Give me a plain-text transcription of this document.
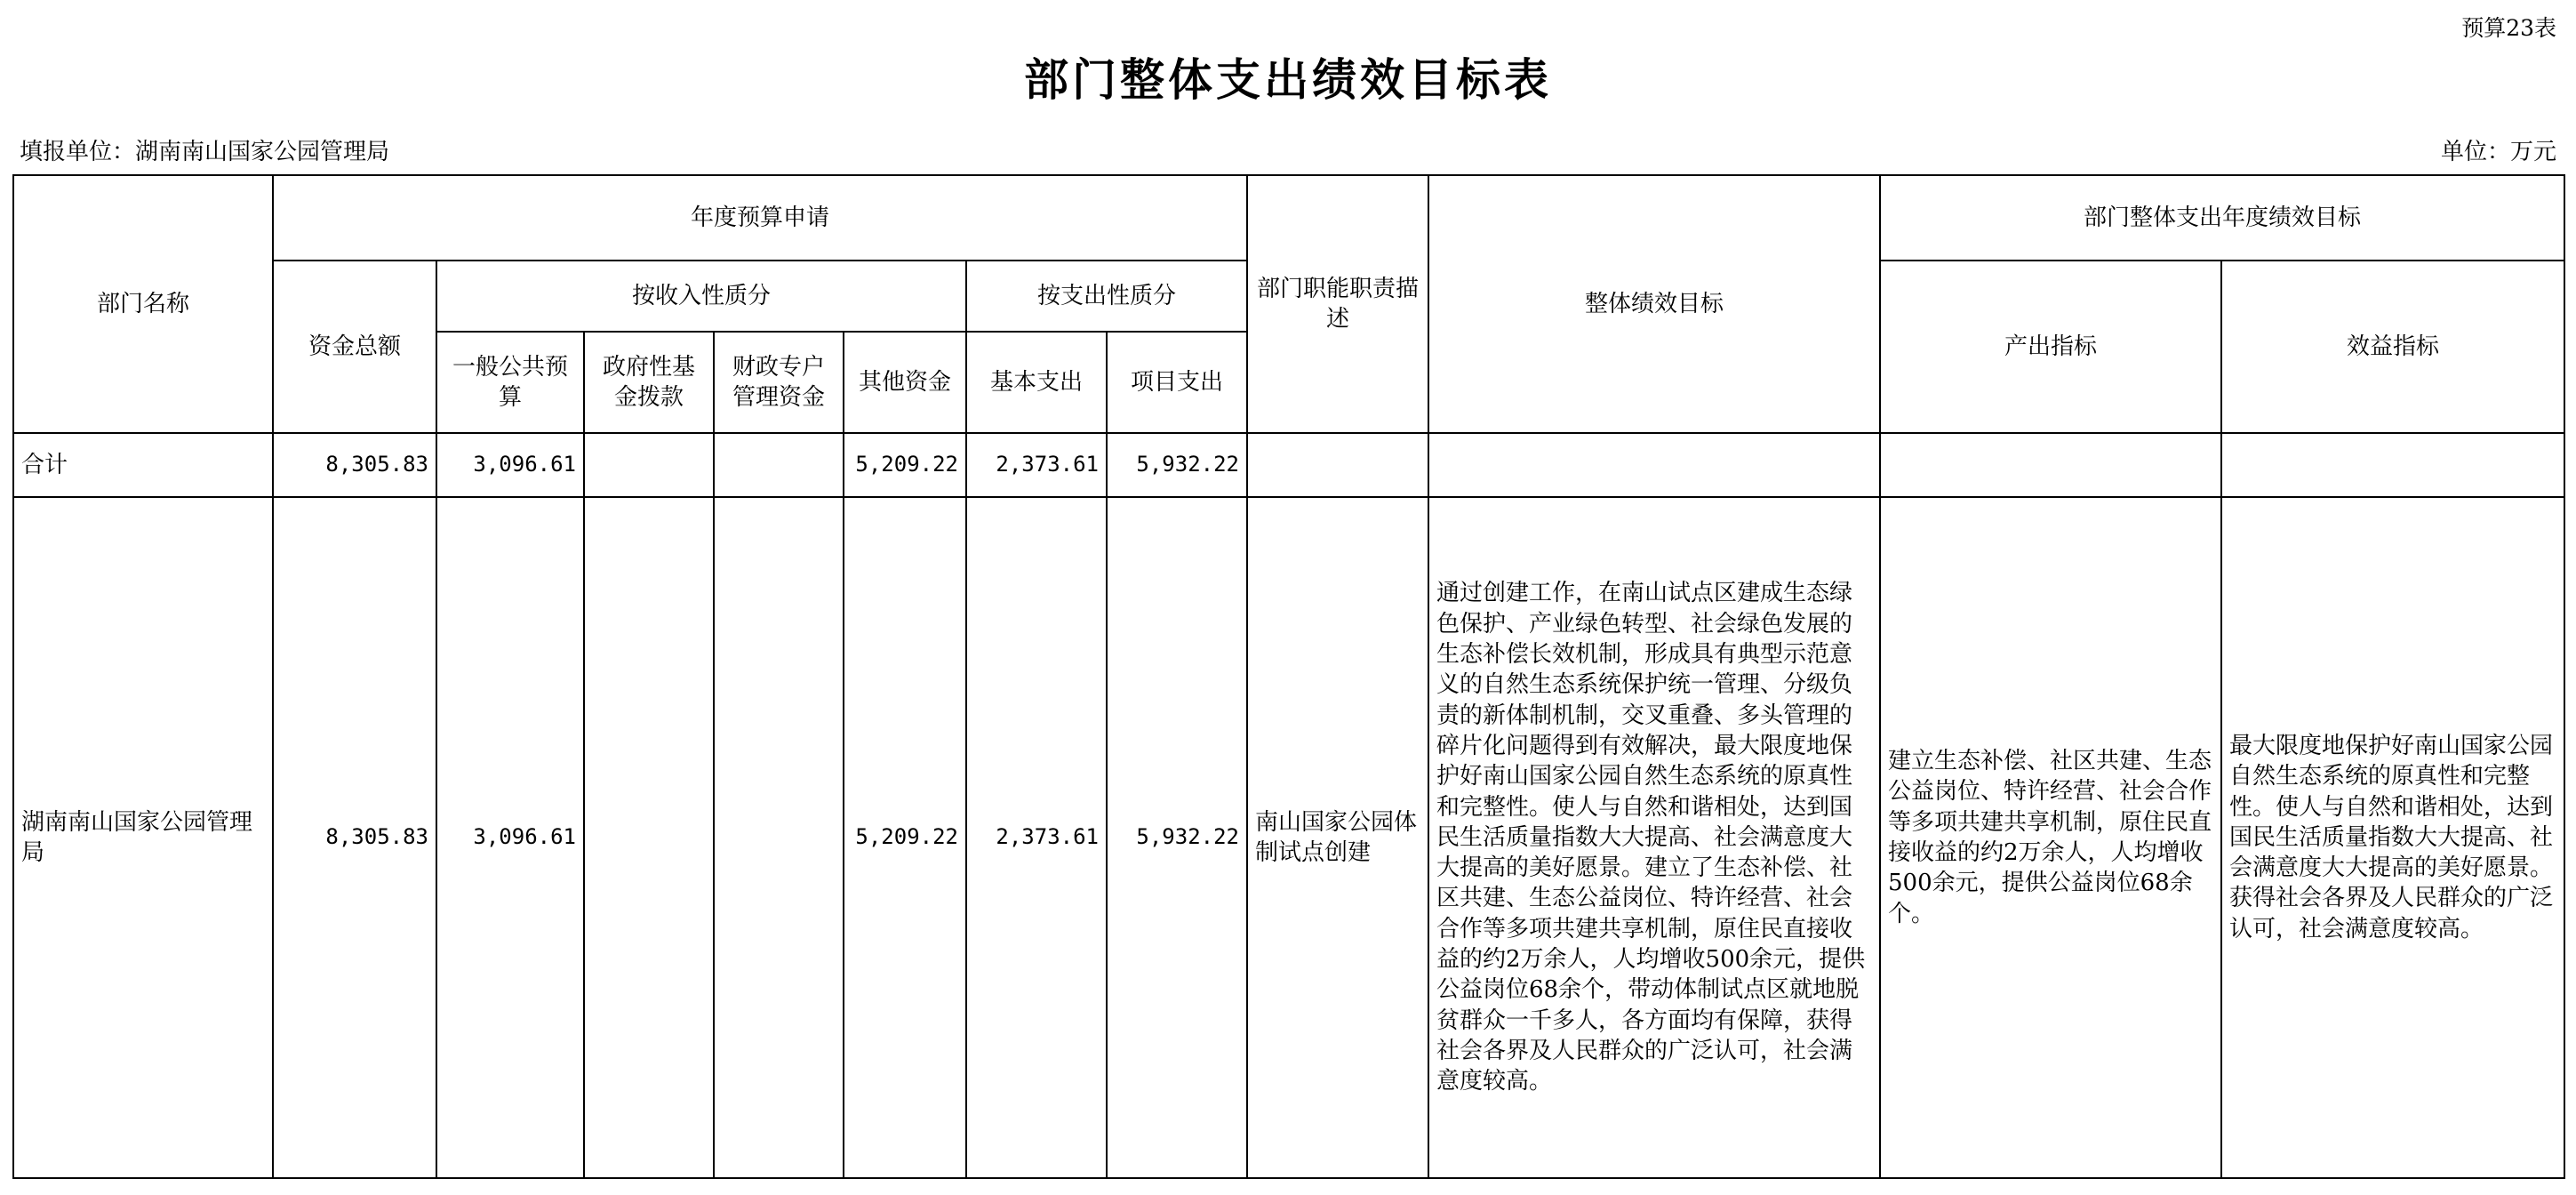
预算23表
部门整体支出绩效目标表
填报单位：湖南南山国家公园管理局	单位：万元
部门名称	年度预算申请							部门职能职责描述	整体绩效目标	部门整体支出年度绩效目标	
	资金总额	按收入性质分				按支出性质分				产出指标	效益指标
		一般公共预算	政府性基金拨款	财政专户管理资金	其他资金	基本支出	项目支出				
合计	8,305.83	3,096.61			5,209.22	2,373.61	5,932.22				
湖南南山国家公园管理局	8,305.83	3,096.61			5,209.22	2,373.61	5,932.22	南山国家公园体制试点创建	通过创建工作，在南山试点区建成生态绿色保护、产业绿色转型、社会绿色发展的生态补偿长效机制，形成具有典型示范意义的自然生态系统保护统一管理、分级负责的新体制机制，交叉重叠、多头管理的碎片化问题得到有效解决，最大限度地保护好南山国家公园自然生态系统的原真性和完整性。使人与自然和谐相处，达到国民生活质量指数大大提高、社会满意度大大提高的美好愿景。建立了生态补偿、社区共建、生态公益岗位、特许经营、社会合作等多项共建共享机制，原住民直接收益的约2万余人，人均增收500余元，提供公益岗位68余个，带动体制试点区就地脱贫群众一千多人，各方面均有保障，获得社会各界及人民群众的广泛认可，社会满意度较高。	建立生态补偿、社区共建、生态公益岗位、特许经营、社会合作等多项共建共享机制，原住民直接收益的约2万余人，人均增收500余元，提供公益岗位68余个。	最大限度地保护好南山国家公园自然生态系统的原真性和完整性。使人与自然和谐相处，达到国民生活质量指数大大提高、社会满意度大大提高的美好愿景。获得社会各界及人民群众的广泛认可，社会满意度较高。
